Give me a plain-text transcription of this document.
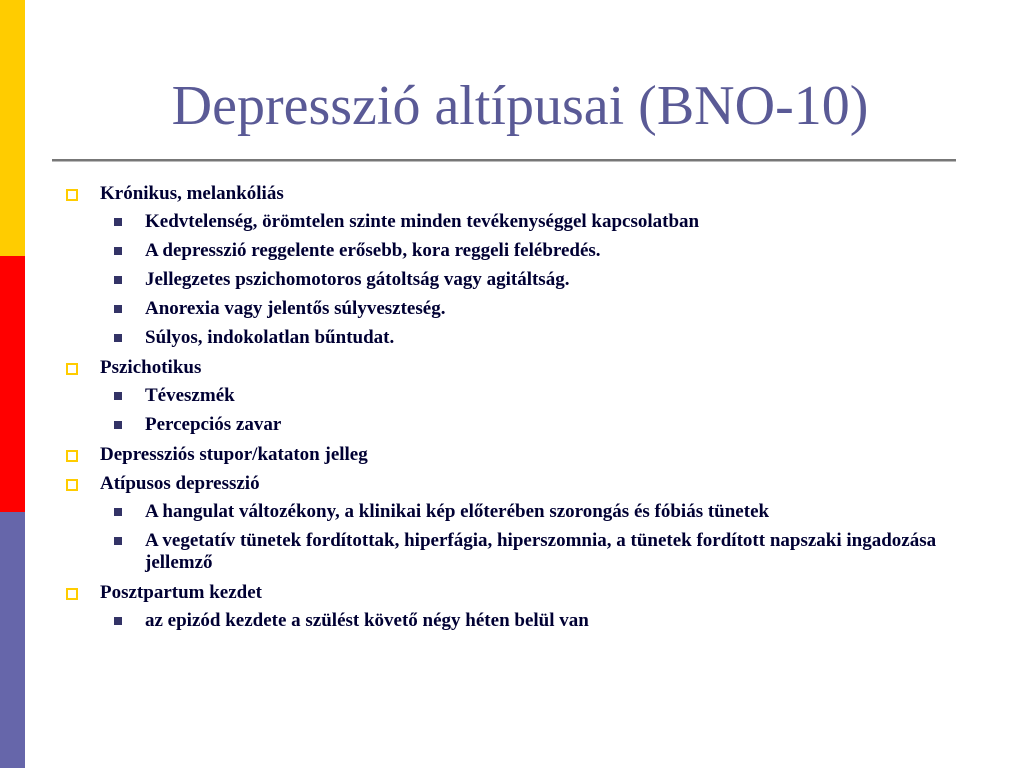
Depresszió altípusai (BNO-10)
Krónikus, melankóliás
Kedvtelenség, örömtelen szinte minden tevékenységgel kapcsolatban
A depresszió reggelente erősebb, kora reggeli felébredés.
Jellegzetes pszichomotoros gátoltság vagy agitáltság.
Anorexia vagy jelentős súlyveszteség.
Súlyos, indokolatlan bűntudat.
Pszichotikus
Téveszmék
Percepciós zavar
Depressziós stupor/kataton jelleg
Atípusos depresszió
A hangulat változékony, a klinikai kép előterében szorongás és fóbiás tünetek
A vegetatív tünetek fordítottak, hiperfágia, hiperszomnia, a tünetek fordított napszaki ingadozása jellemző
Posztpartum kezdet
az epizód kezdete a szülést követő négy héten belül van
